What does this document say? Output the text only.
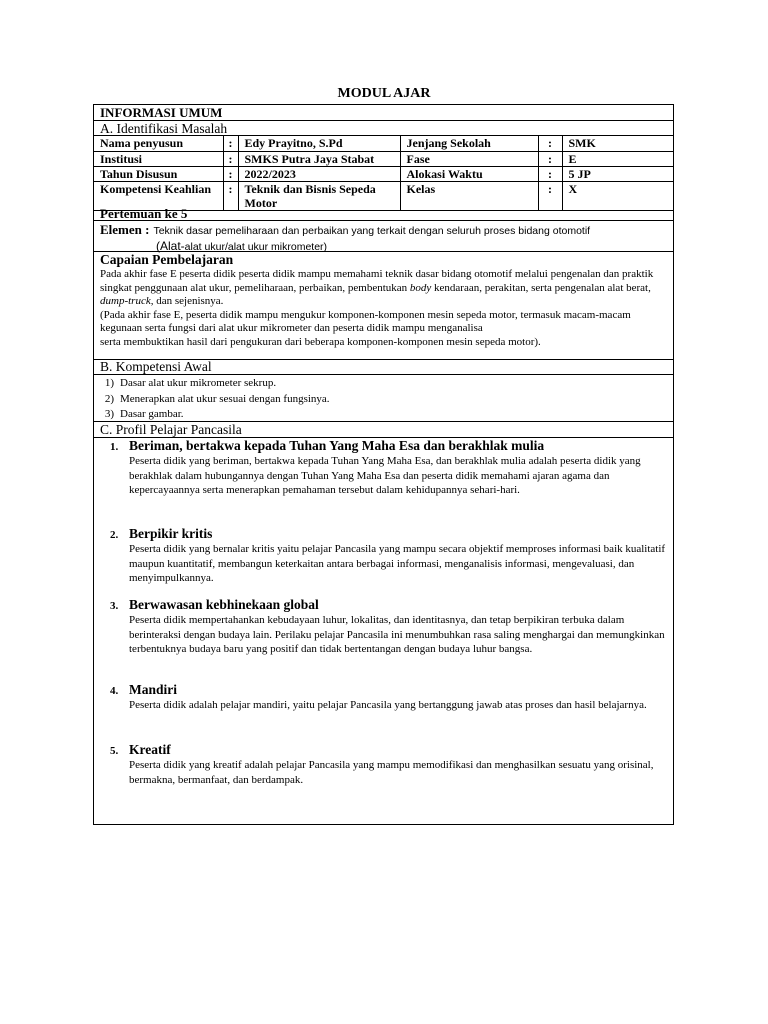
MODUL AJAR
INFORMASI UMUM
A. Identifikasi Masalah
Nama penyusun	:	Edy Prayitno, S.Pd	Jenjang Sekolah	:	SMK
Institusi	:	SMKS Putra Jaya Stabat	Fase	:	E
Tahun Disusun	:	2022/2023	Alokasi Waktu	:	5 JP
Kompetensi Keahlian	:	Teknik dan Bisnis Sepeda Motor	Kelas	:	X
Pertemuan ke 5
Elemen : Teknik dasar pemeliharaan dan perbaikan yang terkait dengan seluruh proses bidang otomotif
(Alat-alat ukur/alat ukur mikrometer)
Capaian Pembelajaran
Pada akhir fase E peserta didik peserta didik mampu memahami teknik dasar bidang otomotif melalui pengenalan dan praktik singkat penggunaan alat ukur, pemeliharaan, perbaikan, pembentukan body kendaraan, perakitan, serta pengenalan alat berat, dump-truck, dan sejenisnya.
(Pada akhir fase E, peserta didik mampu mengukur komponen-komponen mesin sepeda motor, termasuk macam-macam kegunaan serta fungsi dari alat ukur mikrometer dan peserta didik mampu menganalisa
serta membuktikan hasil dari pengukuran dari beberapa komponen-komponen mesin sepeda motor).
B. Kompetensi Awal
1) Dasar alat ukur mikrometer sekrup.
2) Menerapkan alat ukur sesuai dengan fungsinya.
3) Dasar gambar.
C. Profil Pelajar Pancasila
1. Beriman, bertakwa kepada Tuhan Yang Maha Esa dan berakhlak mulia
Peserta didik yang beriman, bertakwa kepada Tuhan Yang Maha Esa, dan berakhlak mulia adalah peserta didik yang berakhlak dalam hubungannya dengan Tuhan Yang Maha Esa dan peserta didik memahami ajaran agama dan kepercayaannya serta menerapkan pemahaman tersebut dalam kehidupannya sehari-hari.
2. Berpikir kritis
Peserta didik yang bernalar kritis yaitu pelajar Pancasila yang mampu secara objektif memproses informasi baik kualitatif maupun kuantitatif, membangun keterkaitan antara berbagai informasi, menganalisis informasi, mengevaluasi, dan menyimpulkannya.
3. Berwawasan kebhinekaan global
Peserta didik mempertahankan kebudayaan luhur, lokalitas, dan identitasnya, dan tetap berpikiran terbuka dalam berinteraksi dengan budaya lain. Perilaku pelajar Pancasila ini menumbuhkan rasa saling menghargai dan memungkinkan terbentuknya budaya baru yang positif dan tidak bertentangan dengan budaya luhur bangsa.
4. Mandiri
Peserta didik adalah pelajar mandiri, yaitu pelajar Pancasila yang bertanggung jawab atas proses dan hasil belajarnya.
5. Kreatif
Peserta didik yang kreatif adalah pelajar Pancasila yang mampu memodifikasi dan menghasilkan sesuatu yang orisinal, bermakna, bermanfaat, dan berdampak.
